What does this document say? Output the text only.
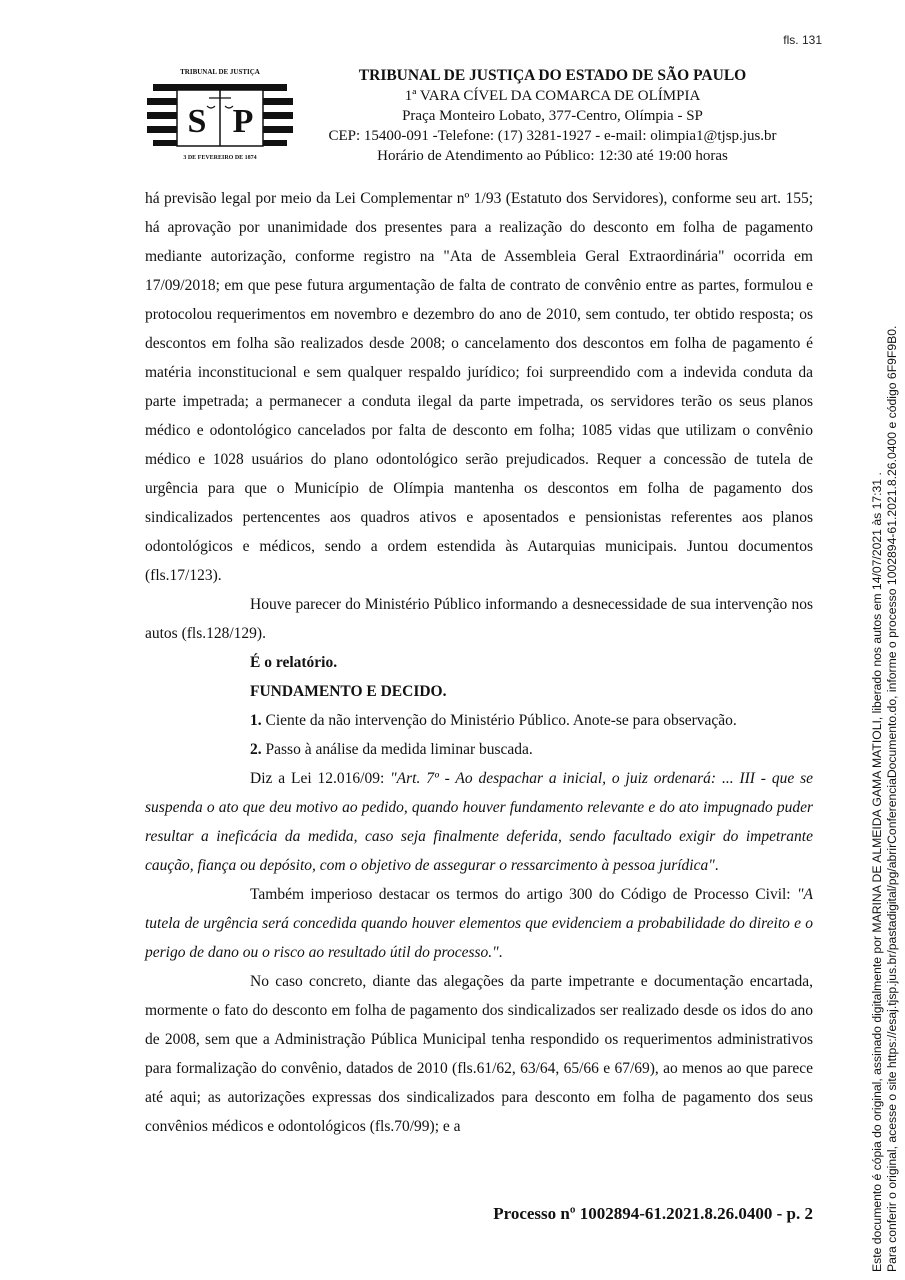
fls. 131
TRIBUNAL DE JUSTIÇA
S P
3 DE FEVEREIRO DE 1874
TRIBUNAL DE JUSTIÇA DO ESTADO DE SÃO PAULO
1ª VARA CÍVEL DA COMARCA DE OLÍMPIA
Praça Monteiro Lobato, 377-Centro, Olímpia - SP
CEP: 15400-091 -Telefone: (17) 3281-1927 - e-mail: olimpia1@tjsp.jus.br
Horário de Atendimento ao Público: 12:30 até 19:00 horas

há previsão legal por meio da Lei Complementar nº 1/93 (Estatuto dos Servidores), conforme seu art. 155; há aprovação por unanimidade dos presentes para a realização do desconto em folha de pagamento mediante autorização, conforme registro na "Ata de Assembleia Geral Extraordinária" ocorrida em 17/09/2018; em que pese futura argumentação de falta de contrato de convênio entre as partes, formulou e protocolou requerimentos em novembro e dezembro do ano de 2010, sem contudo, ter obtido resposta; os descontos em folha são realizados desde 2008; o cancelamento dos descontos em folha de pagamento é matéria inconstitucional e sem qualquer respaldo jurídico; foi surpreendido com a indevida conduta da parte impetrada; a permanecer a conduta ilegal da parte impetrada, os servidores terão os seus planos médico e odontológico cancelados por falta de desconto em folha; 1085 vidas que utilizam o convênio médico e 1028 usuários do plano odontológico serão prejudicados. Requer a concessão de tutela de urgência para que o Município de Olímpia mantenha os descontos em folha de pagamento dos sindicalizados pertencentes aos quadros ativos e aposentados e pensionistas referentes aos planos odontológicos e médicos, sendo a ordem estendida às Autarquias municipais. Juntou documentos (fls.17/123).

Houve parecer do Ministério Público informando a desnecessidade de sua intervenção nos autos (fls.128/129).

É o relatório.

FUNDAMENTO E DECIDO.

1. Ciente da não intervenção do Ministério Público. Anote-se para observação.

2. Passo à análise da medida liminar buscada.

Diz a Lei 12.016/09: "Art. 7º - Ao despachar a inicial, o juiz ordenará: ... III - que se suspenda o ato que deu motivo ao pedido, quando houver fundamento relevante e do ato impugnado puder resultar a ineficácia da medida, caso seja finalmente deferida, sendo facultado exigir do impetrante caução, fiança ou depósito, com o objetivo de assegurar o ressarcimento à pessoa jurídica".

Também imperioso destacar os termos do artigo 300 do Código de Processo Civil: "A tutela de urgência será concedida quando houver elementos que evidenciem a probabilidade do direito e o perigo de dano ou o risco ao resultado útil do processo.".

No caso concreto, diante das alegações da parte impetrante e documentação encartada, mormente o fato do desconto em folha de pagamento dos sindicalizados ser realizado desde os idos do ano de 2008, sem que a Administração Pública Municipal tenha respondido os requerimentos administrativos para formalização do convênio, datados de 2010 (fls.61/62, 63/64, 65/66 e 67/69), ao menos ao que parece até aqui; as autorizações expressas dos sindicalizados para desconto em folha de pagamento dos seus convênios médicos e odontológicos (fls.70/99); e a

Processo nº 1002894-61.2021.8.26.0400 - p. 2	Este documento é cópia do original, assinado digitalmente por MARINA DE ALMEIDA GAMA MATIOLI, liberado nos autos em 14/07/2021 às 17:31 . Para conferir o original, acesse o site https://esaj.tjsp.jus.br/pastadigital/pg/abrirConferenciaDocumento.do, informe o processo 1002894-61.2021.8.26.0400 e código 6F9F9B0.
